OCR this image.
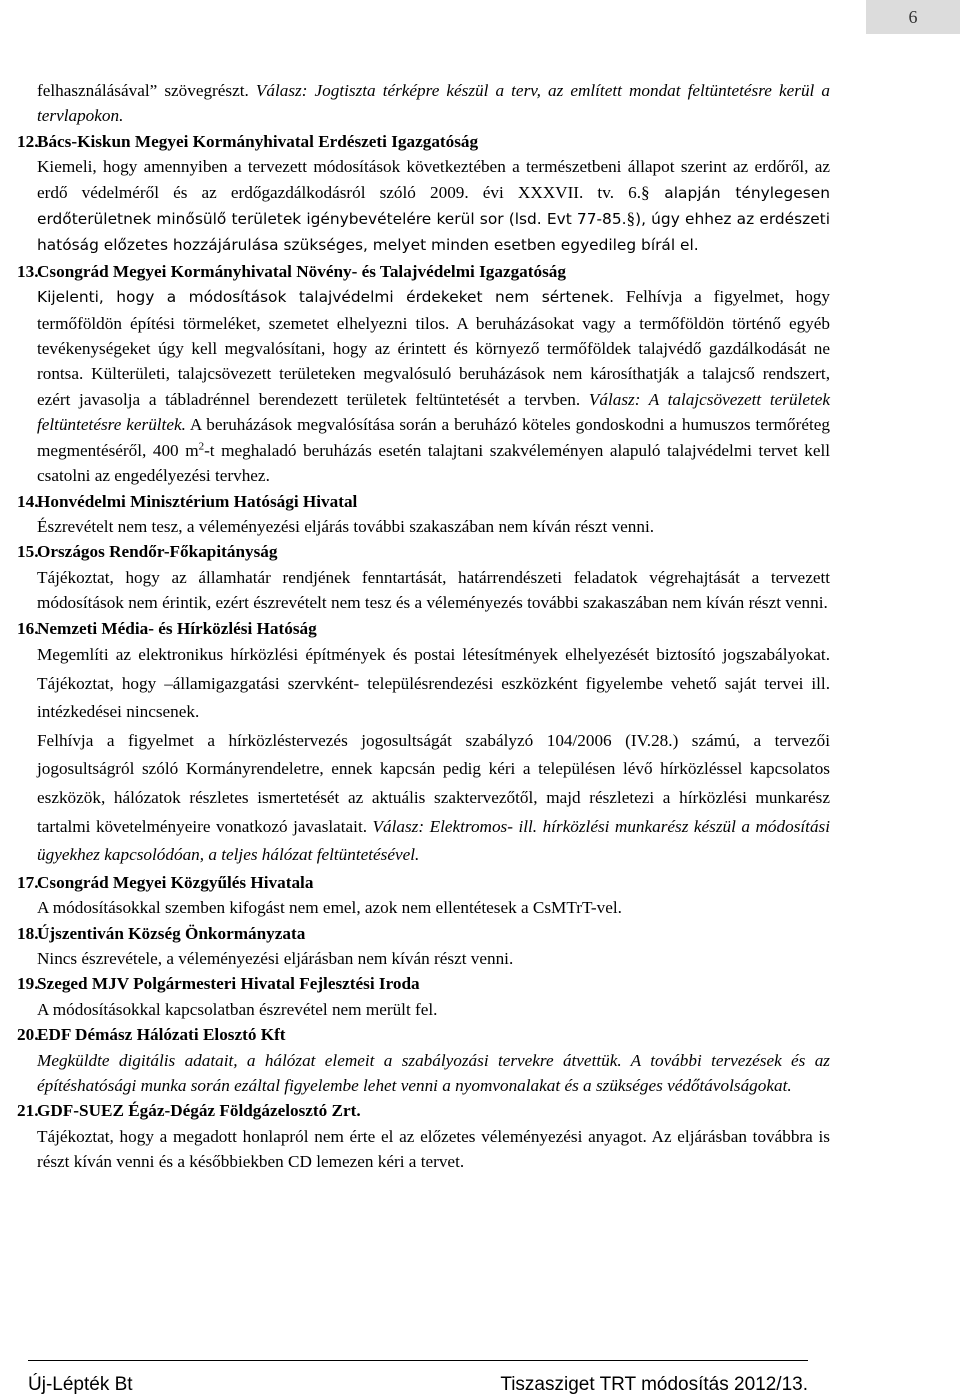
6

felhasználásával” szövegrészt. Válasz: Jogtiszta térképre készül a terv, az említett mondat feltüntetésre kerül a tervlapokon.

12.Bács-Kiskun Megyei Kormányhivatal Erdészeti Igazgatóság

Kiemeli, hogy amennyiben a tervezett módosítások következtében a természetbeni állapot szerint az erdőről, az erdő védelméről és az erdőgazdálkodásról szóló 2009. évi XXXVII. tv. 6.§ alapján ténylegesen erdőterületnek minősülő területek igénybevételére kerül sor (lsd. Evt 77-85.§), úgy ehhez az erdészeti hatóság előzetes hozzájárulása szükséges, melyet minden esetben egyedileg bírál el.

13.Csongrád Megyei Kormányhivatal Növény- és Talajvédelmi Igazgatóság

Kijelenti, hogy a módosítások talajvédelmi érdekeket nem sértenek. Felhívja a figyelmet, hogy termőföldön építési törmeléket, szemetet elhelyezni tilos. A beruházásokat vagy a termőföldön történő egyéb tevékenységeket úgy kell megvalósítani, hogy az érintett és környező termőföldek talajvédő gazdálkodását ne rontsa. Külterületi, talajcsövezett területeken megvalósuló beruházások nem károsíthatják a talajcső rendszert, ezért javasolja a tábladrénnel berendezett területek feltüntetését a tervben. Válasz: A talajcsövezett területek feltüntetésre kerültek. A beruházások megvalósítása során a beruházó köteles gondoskodni a humuszos termőréteg megmentéséről, 400 $m^2-t$ meghaladó beruházás esetén talajtani szakvéleményen alapuló talajvédelmi tervet kell csatolni az engedélyezési tervhez.

14.Honvédelmi Minisztérium Hatósági Hivatal

Észrevételt nem tesz, a véleményezési eljárás további szakaszában nem kíván részt venni.

15.Országos Rendőr-Főkapitányság

Tájékoztat, hogy az államhatár rendjének fenntartását, határrendészeti feladatok végrehajtását a tervezett módosítások nem érintik, ezért észrevételt nem tesz és a véleményezés további szakaszában nem kíván részt venni.

16.Nemzeti Média- és Hírközlési Hatóság

Megemlíti az elektronikus hírközlési építmények és postai létesítmények elhelyezését biztosító jogszabályokat. Tájékoztat, hogy –államigazgatási szervként- településrendezési eszközként figyelembe vehető saját tervei ill. intézkedései nincsenek.

Felhívja a figyelmet a hírközléstervezés jogosultságát szabályzó 104/2006 (IV.28.) számú, a tervezői jogosultságról szóló Kormányrendeletre, ennek kapcsán pedig kéri a településen lévő hírközléssel kapcsolatos eszközök, hálózatok részletes ismertetését az aktuális szaktervezőtől, majd részletezi a hírközlési munkarész tartalmi követelményeire vonatkozó javaslatait. Válasz: Elektromos- ill. hírközlési munkarész készül a módosítási ügyekhez kapcsolódóan, a teljes hálózat feltüntetésével.

17.Csongrád Megyei Közgyűlés Hivatala

A módosításokkal szemben kifogást nem emel, azok nem ellentétesek a CsMTrT-vel.

18.Újszentiván Község Önkormányzata

Nincs észrevétele, a véleményezési eljárásban nem kíván részt venni.

19.Szeged MJV Polgármesteri Hivatal Fejlesztési Iroda

A módosításokkal kapcsolatban észrevétel nem merült fel.

20.EDF Démász Hálózati Elosztó Kft

Megküldte digitális adatait, a hálózat elemeit a szabályozási tervekre átvettük. A további tervezések és az építéshatósági munka során ezáltal figyelembe lehet venni a nyomvonalakat és a szükséges védőtávolságokat.

21.GDF-SUEZ Égáz-Dégáz Földgázelosztó Zrt.

Tájékoztat, hogy a megadott honlapról nem érte el az előzetes véleményezési anyagot. Az eljárásban továbbra is részt kíván venni és a későbbiekben CD lemezen kéri a tervet.

Új-Lépték Bt	Tiszasziget TRT módosítás 2012/13.
